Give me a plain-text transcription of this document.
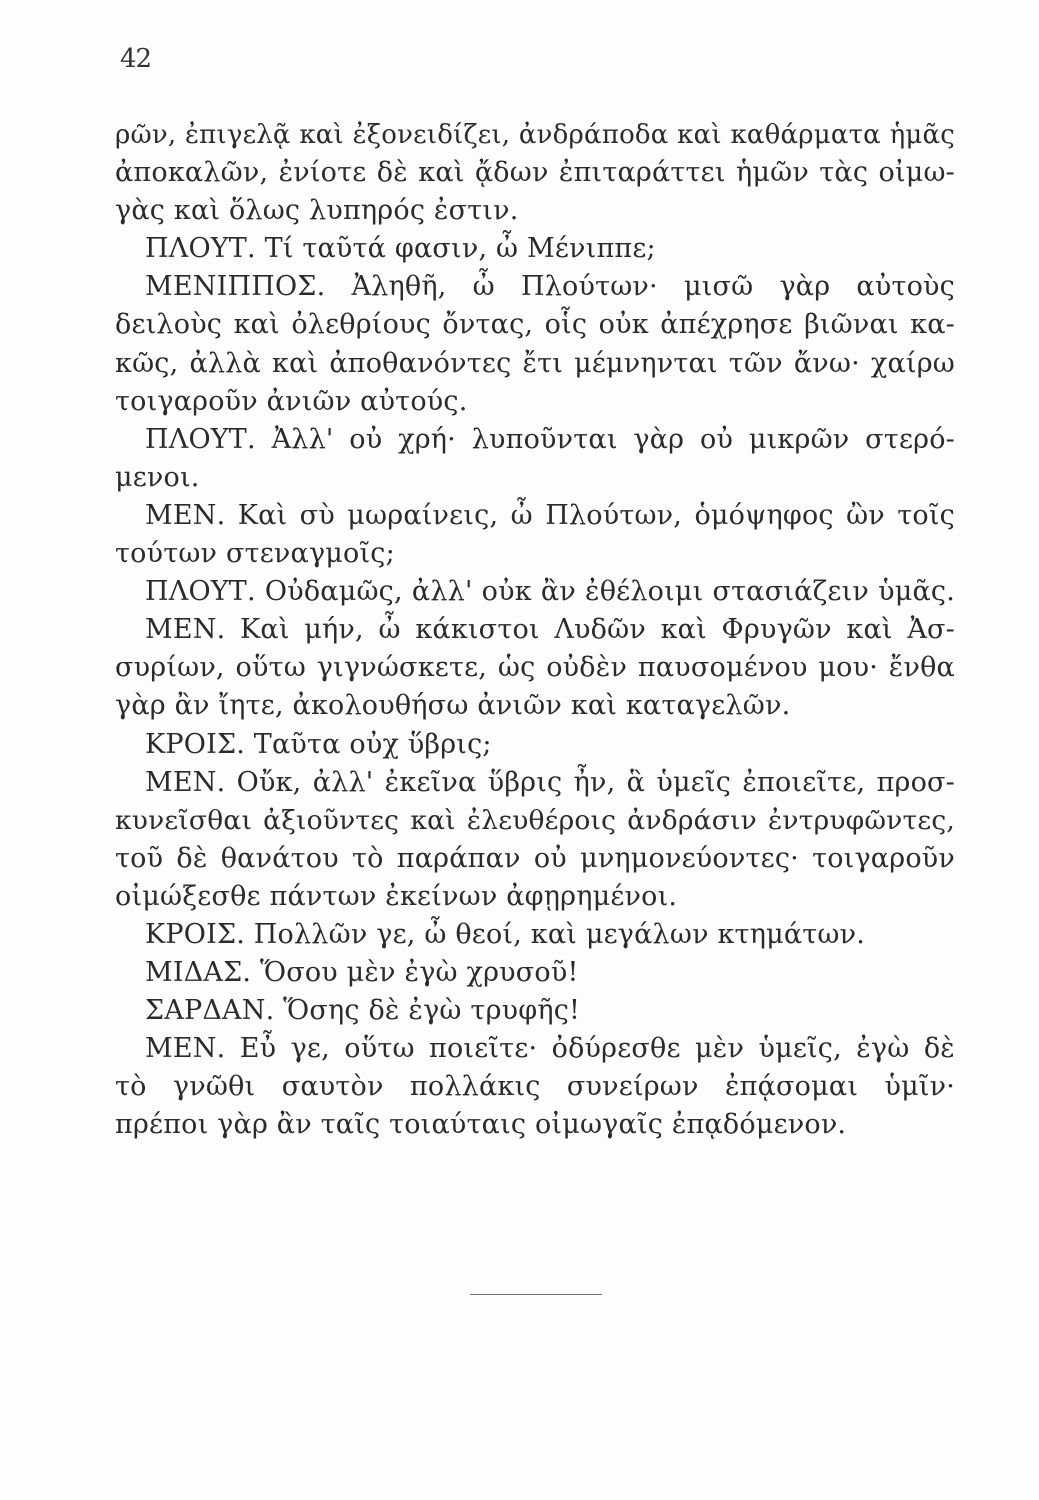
42
ρῶν, ἐπιγελᾷ καὶ ἐξονειδίζει, ἀνδράποδα καὶ καθάρματα ἡμᾶς
ἀποκαλῶν, ἐνίοτε δὲ καὶ ᾄδων ἐπιταράττει ἡμῶν τὰς οἰμω-
γὰς καὶ ὅλως λυπηρός ἐστιν.
ΠΛΟΥΤ. Τί ταῦτά φασιν, ὦ Μένιππε;
ΜΕΝΙΠΠΟΣ. Ἀληθῆ, ὦ Πλούτων· μισῶ γὰρ αὐτοὺς
δειλοὺς καὶ ὀλεθρίους ὄντας, οἷς οὐκ ἀπέχρησε βιῶναι κα-
κῶς, ἀλλὰ καὶ ἀποθανόντες ἔτι μέμνηνται τῶν ἄνω· χαίρω
τοιγαροῦν ἀνιῶν αὐτούς.
ΠΛΟΥΤ. Ἀλλ' οὐ χρή· λυποῦνται γὰρ οὐ μικρῶν στερό-
μενοι.
ΜΕΝ. Καὶ σὺ μωραίνεις, ὦ Πλούτων, ὁμόψηφος ὢν τοῖς
τούτων στεναγμοῖς;
ΠΛΟΥΤ. Οὐδαμῶς, ἀλλ' οὐκ ἂν ἐθέλοιμι στασιάζειν ὑμᾶς.
ΜΕΝ. Καὶ μήν, ὦ κάκιστοι Λυδῶν καὶ Φρυγῶν καὶ Ἀσ-
συρίων, οὕτω γιγνώσκετε, ὡς οὐδὲν παυσομένου μου· ἔνθα
γὰρ ἂν ἴητε, ἀκολουθήσω ἀνιῶν καὶ καταγελῶν.
ΚΡΟΙΣ. Ταῦτα οὐχ ὕβρις;
ΜΕΝ. Οὔκ, ἀλλ' ἐκεῖνα ὕβρις ἦν, ἃ ὑμεῖς ἐποιεῖτε, προσ-
κυνεῖσθαι ἀξιοῦντες καὶ ἐλευθέροις ἀνδράσιν ἐντρυφῶντες,
τοῦ δὲ θανάτου τὸ παράπαν οὐ μνημονεύοντες· τοιγαροῦν
οἰμώξεσθε πάντων ἐκείνων ἀφῃρημένοι.
ΚΡΟΙΣ. Πολλῶν γε, ὦ θεοί, καὶ μεγάλων κτημάτων.
ΜΙΔΑΣ. Ὅσου μὲν ἐγὼ χρυσοῦ!
ΣΑΡΔΑΝ. Ὅσης δὲ ἐγὼ τρυφῆς!
ΜΕΝ. Εὖ γε, οὕτω ποιεῖτε· ὀδύρεσθε μὲν ὑμεῖς, ἐγὼ δὲ
τὸ γνῶθι σαυτὸν πολλάκις συνείρων ἐπᾴσομαι ὑμῖν·
πρέποι γὰρ ἂν ταῖς τοιαύταις οἰμωγαῖς ἐπᾳδόμενον.
